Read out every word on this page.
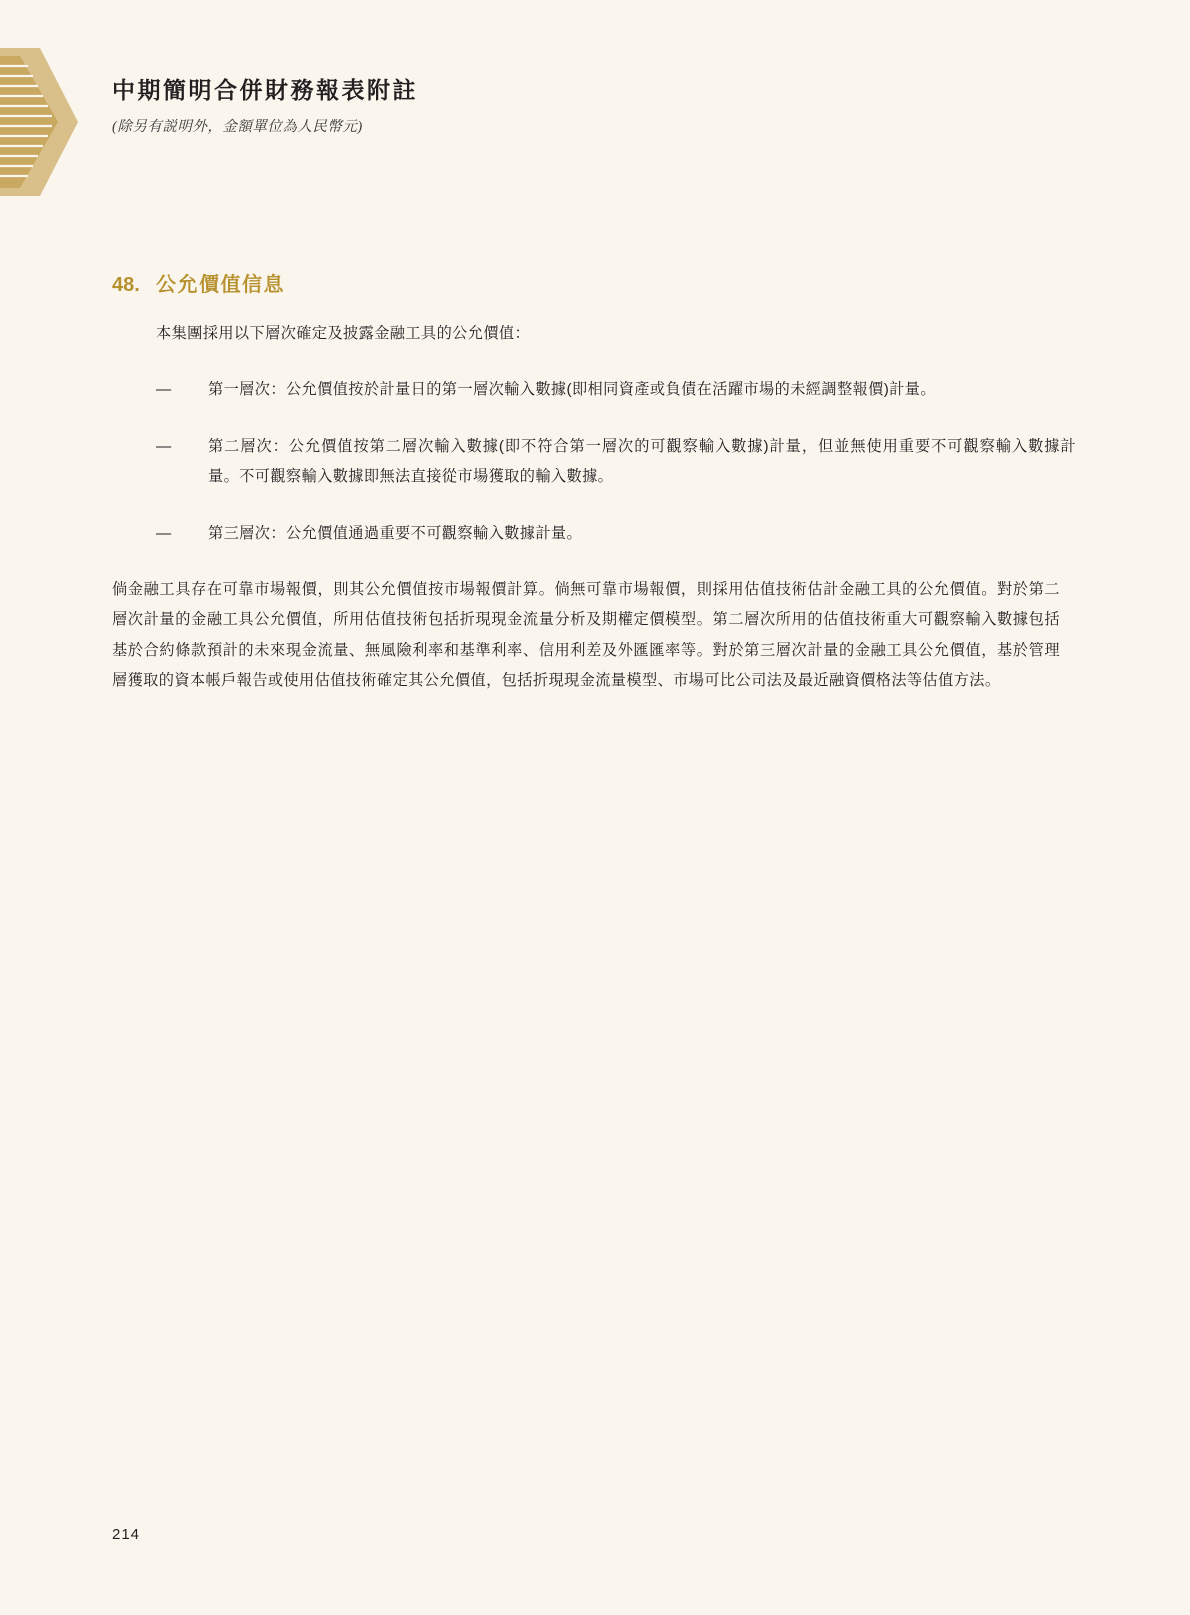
中期簡明合併財務報表附註

(除另有説明外，金額單位為人民幣元)

48. 公允價值信息

本集團採用以下層次確定及披露金融工具的公允價值：

—	第一層次：公允價值按於計量日的第一層次輸入數據(即相同資產或負債在活躍市場的未經調整報價)計量。
—	第二層次：公允價值按第二層次輸入數據(即不符合第一層次的可觀察輸入數據)計量，但並無使用重要不可觀察輸入數據計量。不可觀察輸入數據即無法直接從市場獲取的輸入數據。
—	第三層次：公允價值通過重要不可觀察輸入數據計量。

倘金融工具存在可靠市場報價，則其公允價值按市場報價計算。倘無可靠市場報價，則採用估值技術估計金融工具的公允價值。對於第二層次計量的金融工具公允價值，所用估值技術包括折現現金流量分析及期權定價模型。第二層次所用的估值技術重大可觀察輸入數據包括基於合約條款預計的未來現金流量、無風險利率和基準利率、信用利差及外匯匯率等。對於第三層次計量的金融工具公允價值，基於管理層獲取的資本帳戶報告或使用估值技術確定其公允價值，包括折現現金流量模型、市場可比公司法及最近融資價格法等估值方法。

214
